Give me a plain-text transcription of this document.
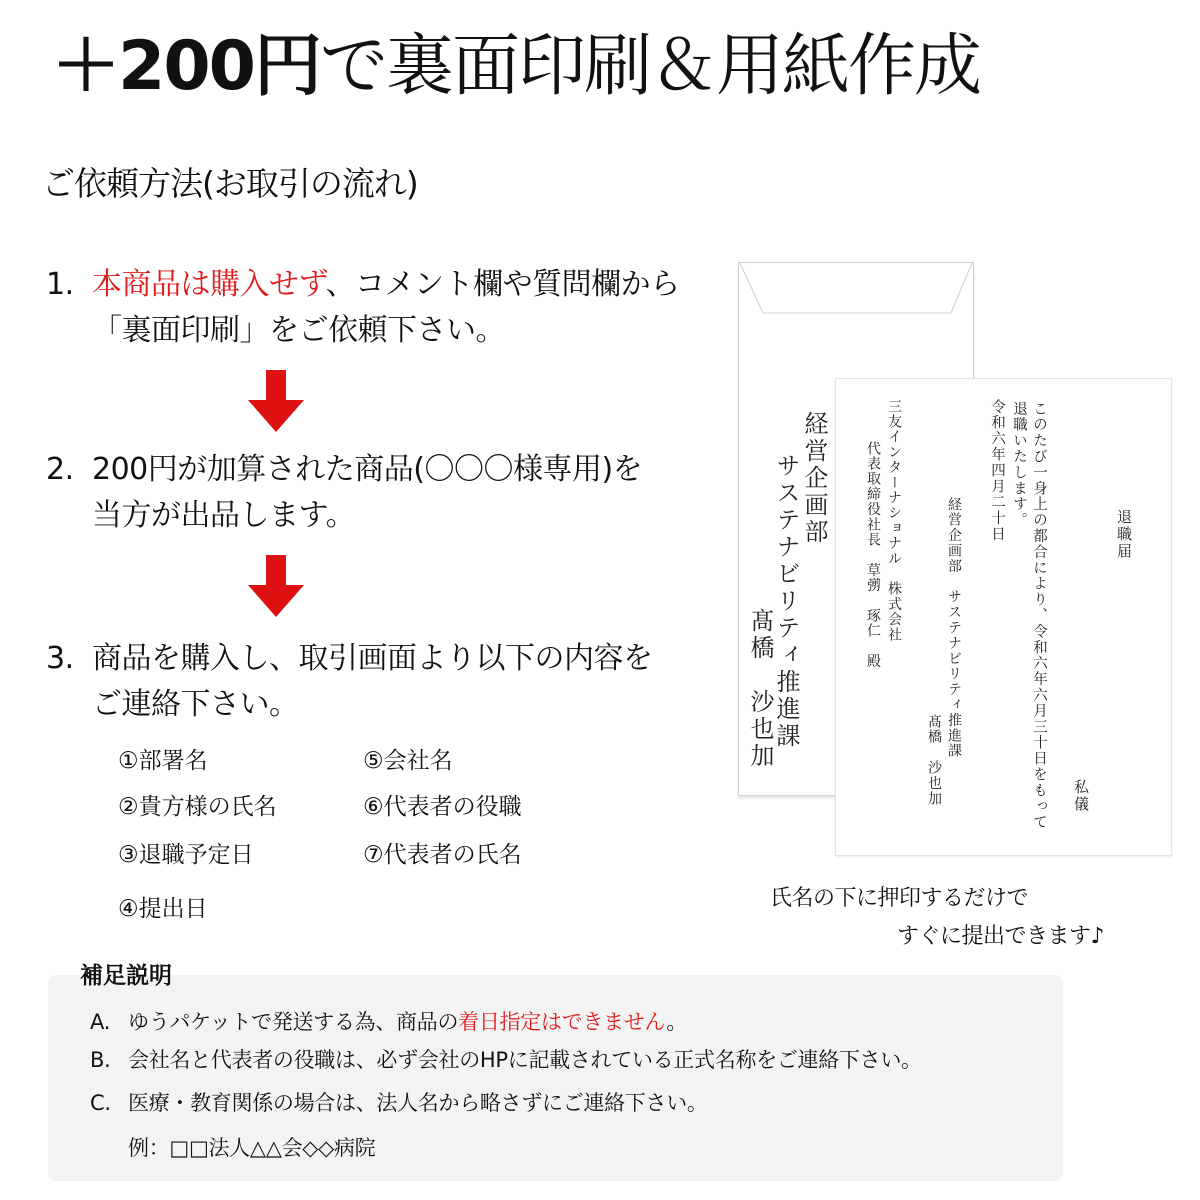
＋200円で裏面印刷＆用紙作成
ご依頼方法(お取引の流れ)
1. 本商品は購入せず、コメント欄や質問欄から
「裏面印刷」をご依頼下さい。
2. 200円が加算された商品(〇〇〇様専用)を
当方が出品します。
3. 商品を購入し、取引画面より以下の内容を
ご連絡下さい。
①部署名
②貴方様の氏名
③退職予定日
④提出日
⑤会社名
⑥代表者の役職
⑦代表者の氏名
経営企画部
サステナビリティ推進課
髙橋　沙也加
退職届
私儀
このたび一身上の都合により、令和六年六月三十日をもって
退職いたします。
令和六年四月二十日
経営企画部　サステナビリティ推進課
髙橋　沙也加
三友インターナショナル　株式会社
代表取締役社長　草彅　琢仁　殿
氏名の下に押印するだけで
すぐに提出できます♪
補足説明
A. ゆうパケットで発送する為、商品の着日指定はできません。
B. 会社名と代表者の役職は、必ず会社のHPに記載されている正式名称をご連絡下さい。
C. 医療・教育関係の場合は、法人名から略さずにご連絡下さい。
例：□□法人△△会◇◇病院
